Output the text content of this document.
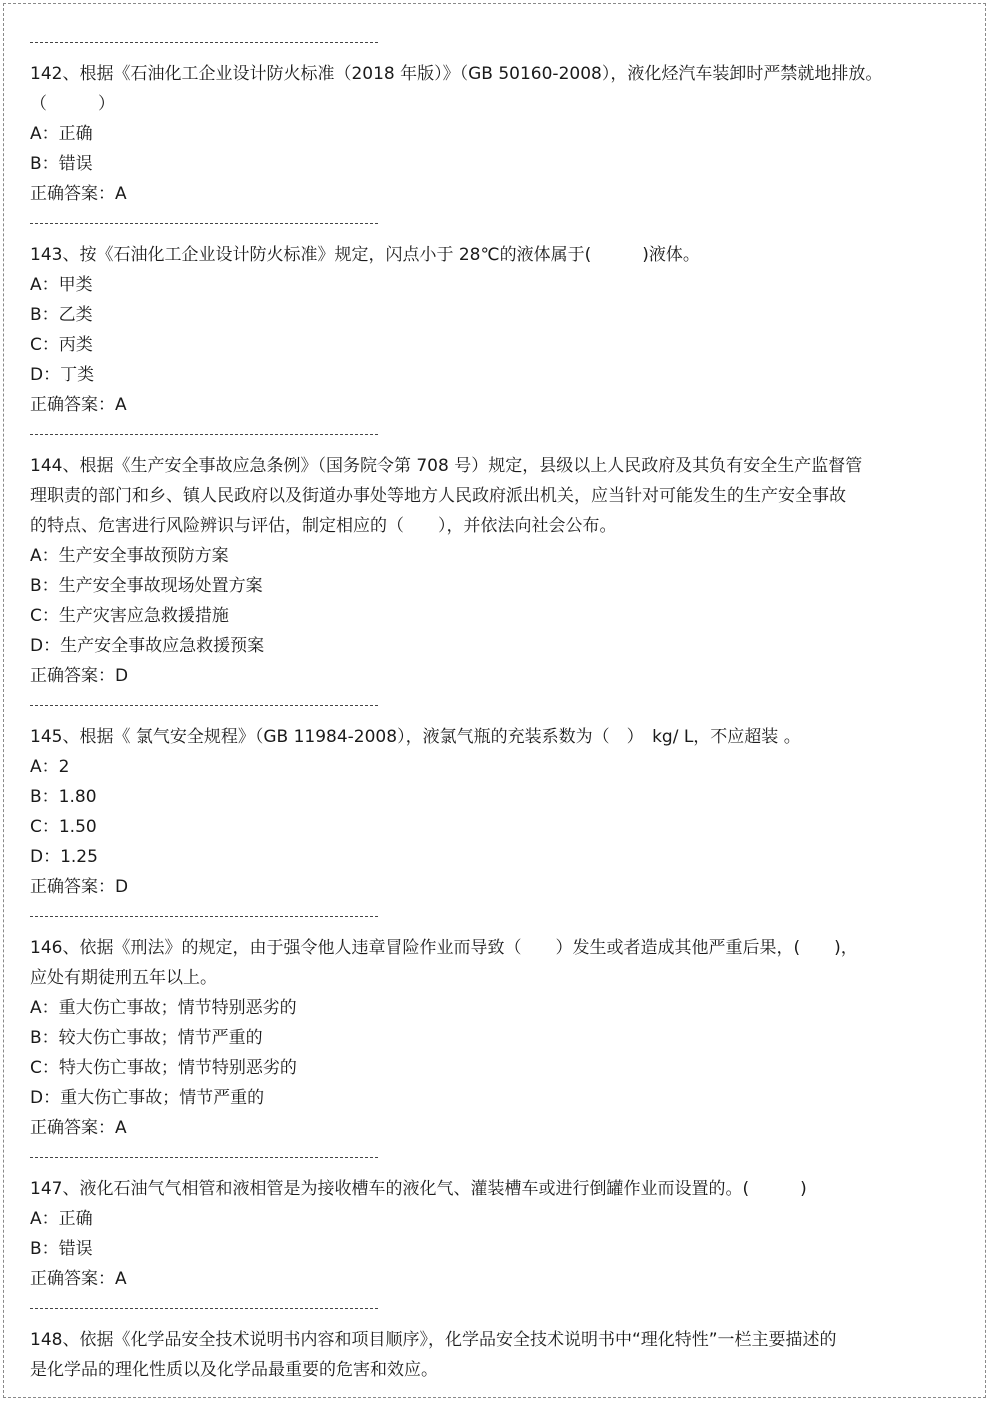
142、根据《石油化工企业设计防火标准（2018 年版）》（GB 50160-2008），液化烃汽车装卸时严禁就地排放。
（　　　）
A：正确
B：错误
正确答案：A
143、按《石油化工企业设计防火标准》规定，闪点小于 28℃的液体属于(　　　)液体。
A：甲类
B：乙类
C：丙类
D：丁类
正确答案：A
144、根据《生产安全事故应急条例》（国务院令第 708 号）规定，县级以上人民政府及其负有安全生产监督管
理职责的部门和乡、镇人民政府以及街道办事处等地方人民政府派出机关，应当针对可能发生的生产安全事故
的特点、危害进行风险辨识与评估，制定相应的（　　），并依法向社会公布。
A：生产安全事故预防方案
B：生产安全事故现场处置方案
C：生产灾害应急救援措施
D：生产安全事故应急救援预案
正确答案：D
145、根据《 氯气安全规程》（GB 11984-2008），液氯气瓶的充装系数为（　）　kg/ L，不应超装 。
A：2
B：1.80
C：1.50
D：1.25
正确答案：D
146、依据《刑法》的规定，由于强令他人违章冒险作业而导致（　　）发生或者造成其他严重后果，(　　)，
应处有期徒刑五年以上。
A：重大伤亡事故；情节特别恶劣的
B：较大伤亡事故；情节严重的
C：特大伤亡事故；情节特别恶劣的
D：重大伤亡事故；情节严重的
正确答案：A
147、液化石油气气相管和液相管是为接收槽车的液化气、灌装槽车或进行倒罐作业而设置的。(　　　)
A：正确
B：错误
正确答案：A
148、依据《化学品安全技术说明书内容和项目顺序》，化学品安全技术说明书中“理化特性”一栏主要描述的
是化学品的理化性质以及化学品最重要的危害和效应。
